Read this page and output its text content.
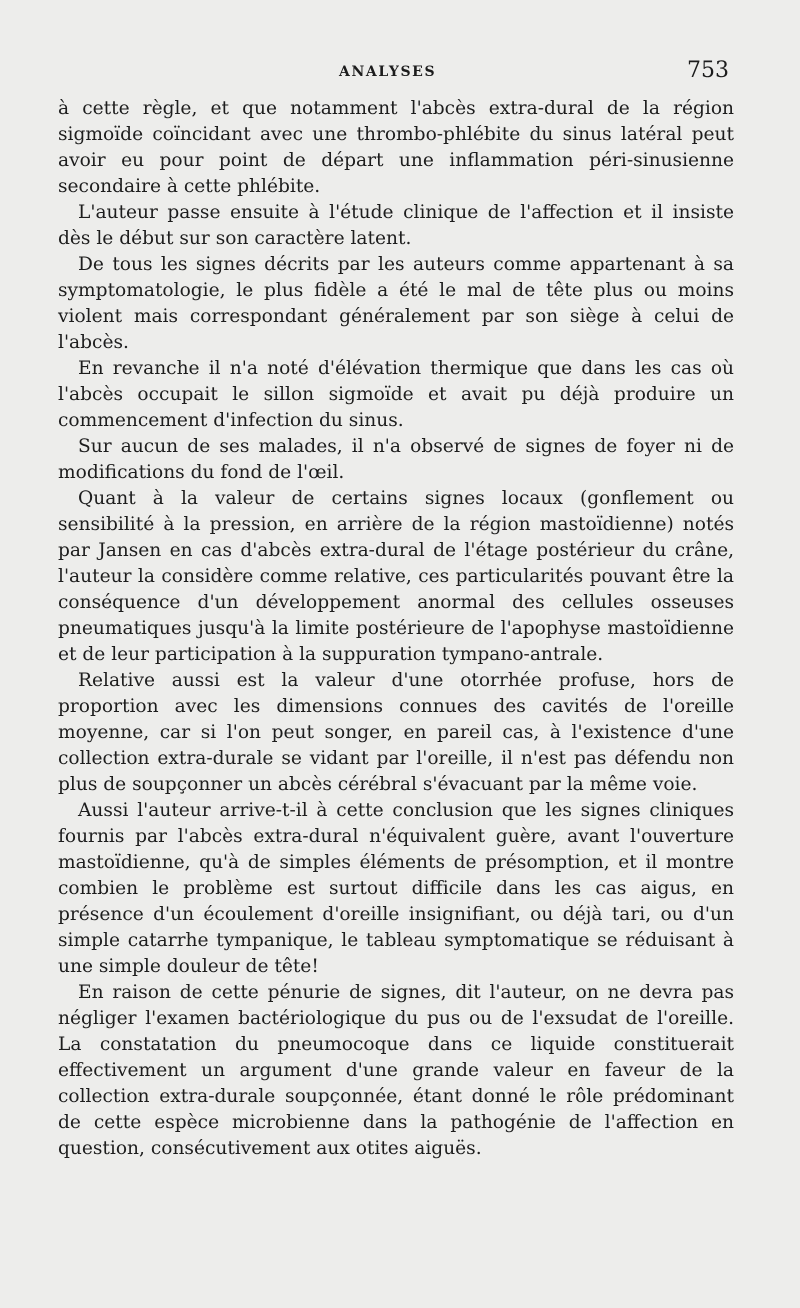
ANALYSES	753

à cette règle, et que notamment l'abcès extra-dural de la région sigmoïde coïncidant avec une thrombo-phlébite du sinus latéral peut avoir eu pour point de départ une inflammation péri-sinusienne secondaire à cette phlébite.

L'auteur passe ensuite à l'étude clinique de l'affection et il insiste dès le début sur son caractère latent.

De tous les signes décrits par les auteurs comme appartenant à sa symptomatologie, le plus fidèle a été le mal de tête plus ou moins violent mais correspondant généralement par son siège à celui de l'abcès.

En revanche il n'a noté d'élévation thermique que dans les cas où l'abcès occupait le sillon sigmoïde et avait pu déjà produire un commencement d'infection du sinus.

Sur aucun de ses malades, il n'a observé de signes de foyer ni de modifications du fond de l'œil.

Quant à la valeur de certains signes locaux (gonflement ou sensibilité à la pression, en arrière de la région mastoïdienne) notés par Jansen en cas d'abcès extra-dural de l'étage postérieur du crâne, l'auteur la considère comme relative, ces particularités pouvant être la conséquence d'un développement anormal des cellules osseuses pneumatiques jusqu'à la limite postérieure de l'apophyse mastoïdienne et de leur participation à la suppuration tympano-antrale.

Relative aussi est la valeur d'une otorrhée profuse, hors de proportion avec les dimensions connues des cavités de l'oreille moyenne, car si l'on peut songer, en pareil cas, à l'existence d'une collection extra-durale se vidant par l'oreille, il n'est pas défendu non plus de soupçonner un abcès cérébral s'évacuant par la même voie.

Aussi l'auteur arrive-t-il à cette conclusion que les signes cliniques fournis par l'abcès extra-dural n'équivalent guère, avant l'ouverture mastoïdienne, qu'à de simples éléments de présomption, et il montre combien le problème est surtout difficile dans les cas aigus, en présence d'un écoulement d'oreille insignifiant, ou déjà tari, ou d'un simple catarrhe tympanique, le tableau symptomatique se réduisant à une simple douleur de tête!

En raison de cette pénurie de signes, dit l'auteur, on ne devra pas négliger l'examen bactériologique du pus ou de l'exsudat de l'oreille. La constatation du pneumocoque dans ce liquide constituerait effectivement un argument d'une grande valeur en faveur de la collection extra-durale soupçonnée, étant donné le rôle prédominant de cette espèce microbienne dans la pathogénie de l'affection en question, consécutivement aux otites aiguës.
